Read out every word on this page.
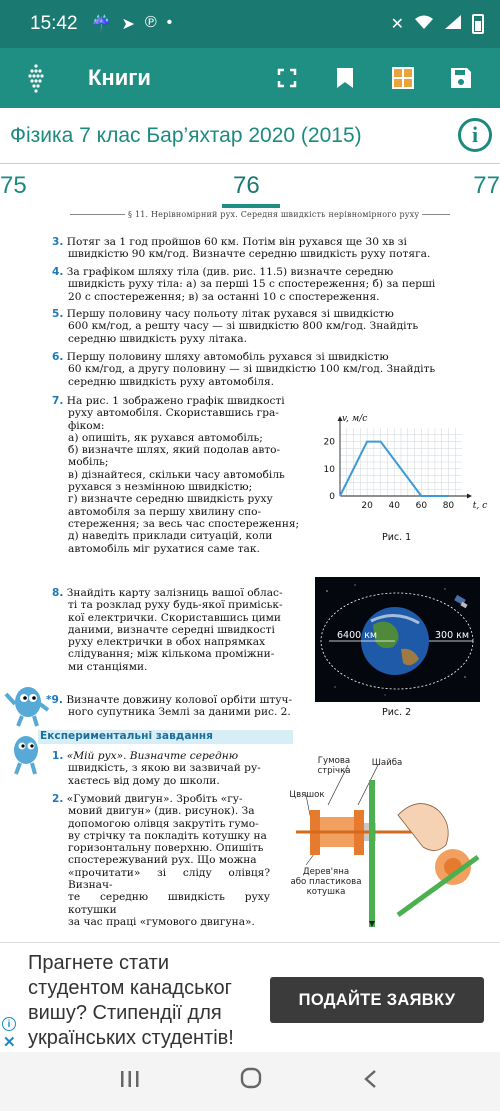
15:42 ☔ ➤ ℗ •	✕
Книги
Фізика 7 клас Бар’яхтар 2020 (2015)	i
75	76	77
§ 11. Нерівномірний рух. Середня швидкість нерівномірного руху
3. Потяг за 1 год пройшов 60 км. Потім він рухався ще 30 хв зі
швидкістю 90 км/год. Визначте середню швидкість руху потяга.
4. За графіком шляху тіла (див. рис. 11.5) визначте середню
швидкість руху тіла: а) за перші 15 с спостереження; б) за перші
20 с спостереження; в) за останні 10 с спостереження.
5. Першу половину часу польоту літак рухався зі швидкістю
600 км/год, а решту часу — зі швидкістю 800 км/год. Знайдіть
середню швидкість руху літака.
6. Першу половину шляху автомобіль рухався зі швидкістю
60 км/год, а другу половину — зі швидкістю 100 км/год. Знайдіть
середню швидкість руху автомобіля.
7. На рис. 1 зображено графік швидкості
руху автомобіля. Скориставшись гра-
фіком:
а) опишіть, як рухався автомобіль;
б) визначте шлях, який подолав авто-
мобіль;
в) дізнайтеся, скільки часу автомобіль
рухався з незмінною швидкістю;
г) визначте середню швидкість руху
автомобіля за першу хвилину спо-
стереження; за весь час спостереження;
д) наведіть приклади ситуацій, коли
автомобіль міг рухатися саме так.
20 40 60 80
0
10
20
t, с
v, м/с
Рис. 1
8. Знайдіть карту залізниць вашої облас-
ті та розклад руху будь-якої приміськ-
кої електрички. Скориставшись цими
даними, визначте середні швидкості
руху електрички в обох напрямках
слідування; між кількома проміжни-
ми станціями.
*9. Визначте довжину колової орбіти штуч-
ного супутника Землі за даними рис. 2.
6400 км	300 км
Рис. 2
Експериментальні завдання
1. «Мій рух». Визначте середню
швидкість, з якою ви зазвичай ру-
хаєтесь від дому до школи.
2. «Гумовий двигун». Зробіть «гу-
мовий двигун» (див. рисунок). За
допомогою олівця закрутіть гумо-
ву стрічку та покладіть котушку на
горизонтальну поверхню. Опишіть
спостережуваний рух. Що можна
«прочитати» зі сліду олівця? Визнач-
те середню швидкість руху котушки
за час праці «гумового двигуна».
Гумова
стрічка
Шайба
Цвяшок
Дерев'яна
або пластикова
котушка
Прагнете стати
студентом канадськог
вишу? Стипендії для
українських студентів!
ПОДАЙТЕ ЗАЯВКУ
i
✕
